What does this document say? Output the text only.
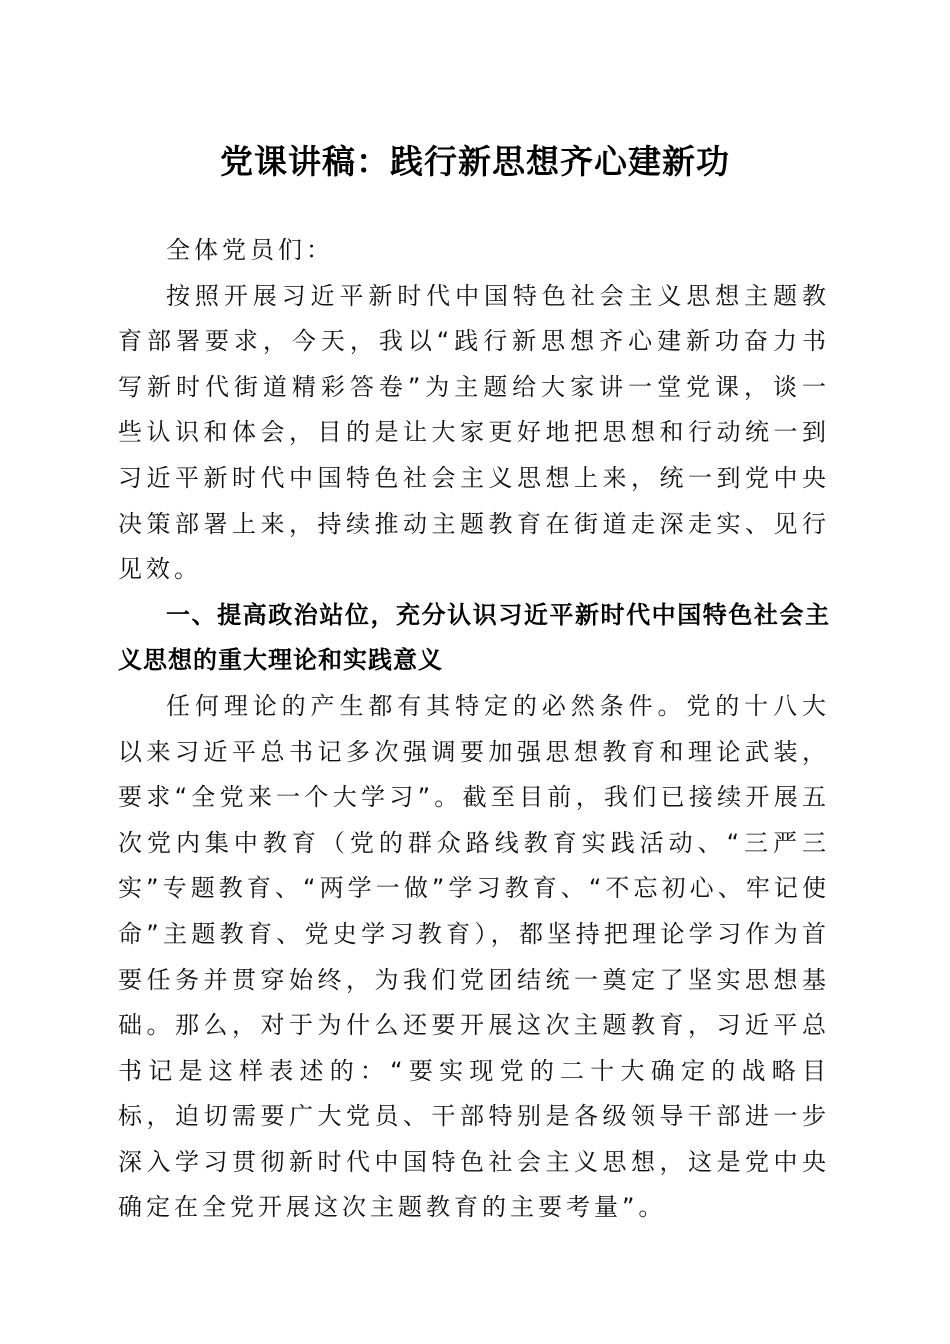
党课讲稿：践行新思想齐心建新功

全体党员们：

按照开展习近平新时代中国特色社会主义思想主题教育部署要求，今天，我以“践行新思想齐心建新功奋力书写新时代街道精彩答卷”为主题给大家讲一堂党课，谈一些认识和体会，目的是让大家更好地把思想和行动统一到习近平新时代中国特色社会主义思想上来，统一到党中央决策部署上来，持续推动主题教育在街道走深走实、见行见效。

一、提高政治站位，充分认识习近平新时代中国特色社会主义思想的重大理论和实践意义

任何理论的产生都有其特定的必然条件。党的十八大以来习近平总书记多次强调要加强思想教育和理论武装，要求“全党来一个大学习”。截至目前，我们已接续开展五次党内集中教育（党的群众路线教育实践活动、“三严三实”专题教育、“两学一做”学习教育、“不忘初心、牢记使命”主题教育、党史学习教育），都坚持把理论学习作为首要任务并贯穿始终，为我们党团结统一奠定了坚实思想基础。那么，对于为什么还要开展这次主题教育，习近平总书记是这样表述的：“要实现党的二十大确定的战略目标，迫切需要广大党员、干部特别是各级领导干部进一步深入学习贯彻新时代中国特色社会主义思想，这是党中央确定在全党开展这次主题教育的主要考量”。
